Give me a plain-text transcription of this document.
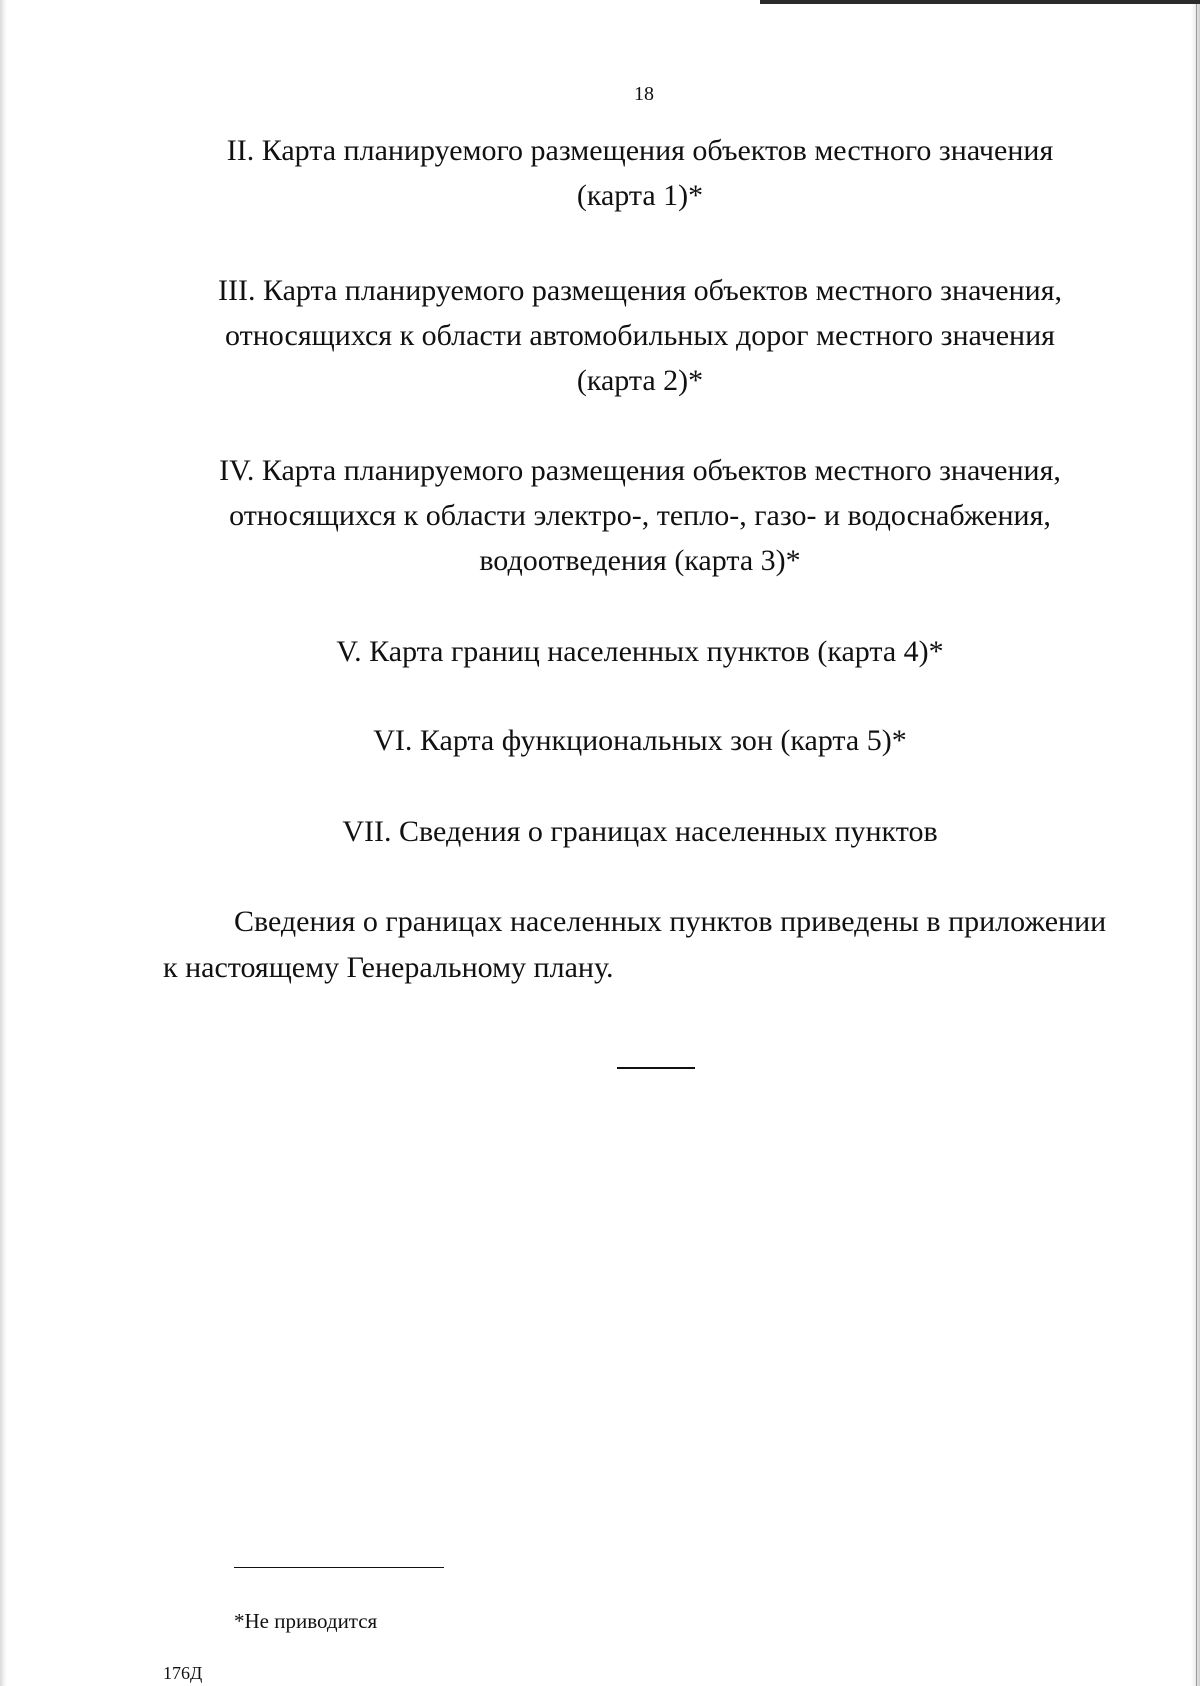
18
II. Карта планируемого размещения объектов местного значения
(карта 1)*
III. Карта планируемого размещения объектов местного значения,
относящихся к области автомобильных дорог местного значения
(карта 2)*
IV. Карта планируемого размещения объектов местного значения,
относящихся к области электро-, тепло-, газо- и водоснабжения,
водоотведения (карта 3)*
V. Карта границ населенных пунктов (карта 4)*
VI. Карта функциональных зон (карта 5)*
VII. Сведения о границах населенных пунктов

Сведения о границах населенных пунктов приведены в приложении
к настоящему Генеральному плану.

*Не приводится
176Д
